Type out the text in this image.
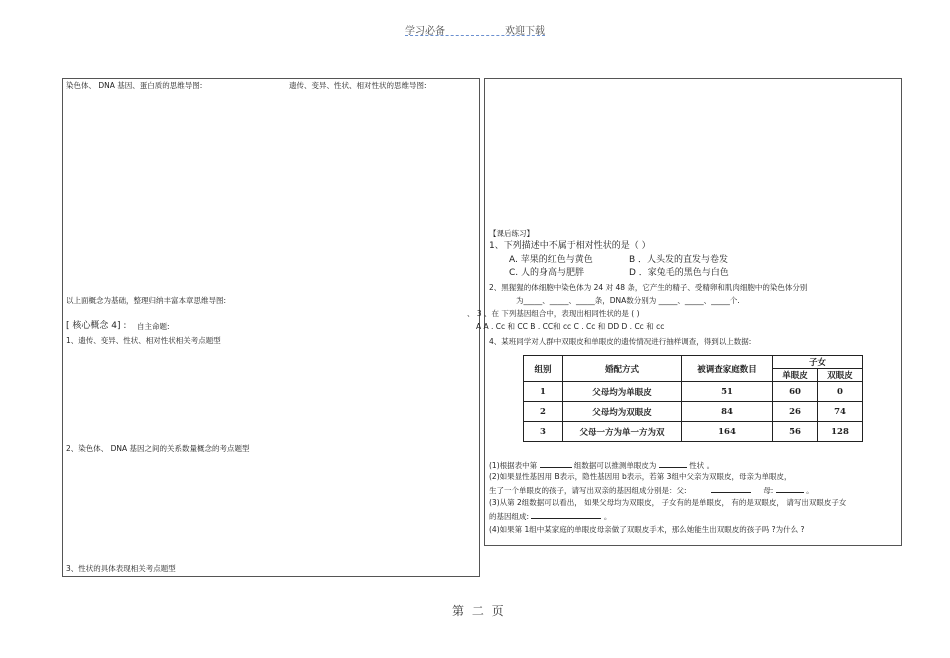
学习必备	欢迎下载
染色体、 DNA 基因、蛋白质的思维导图:	遗传、变异、性状、相对性状的思维导图:
以上面概念为基础，整理归纳丰富本章思维导图:
[ 核心概念 4] : 自主命题:
1、遗传、变异、性状、相对性状相关考点题型
2、染色体、 DNA 基因之间的关系数量概念的考点题型
3、性状的具体表现相关考点题型
【课后练习】
1、下列描述中不属于相对性状的是（ ）
A. 苹果的红色与黄色	B ．人头发的直发与卷发
C. 人的身高与肥胖	D ．家兔毛的黑色与白色
2、黑猩猩的体细胞中染色体为 24 对 48 条，它产生的精子、受精卵和肌肉细胞中的染色体分别
为_____、_____、_____条，DNA数分别为 _____、_____、_____个.
、 3 、在 下列基因组合中，表现出相同性状的是 ( )
A A . Cc 和 CC B . CC和 cc C . Cc 和 DD D . Cc 和 cc
4、某班同学对人群中双眼皮和单眼皮的遗传情况进行抽样调查，得到以上数据:
组别	婚配方式	被调查家庭数目	子女	
			单眼皮	双眼皮
1	父母均为单眼皮	51	60	0
2	父母均为双眼皮	84	26	74
3	父母一方为单一方为双	164	56	128
(1)根据表中第	组数据可以推测单眼皮为	性状 。
(2)如果显性基因用 B表示，隐性基因用 b表示，若第 3组中父亲为双眼皮，母亲为单眼皮，
生了一个单眼皮的孩子，请写出双亲的基因组成分别是：父:	母:	。
(3)从第 2组数据可以看出， 如果父母均为双眼皮， 子女有的是单眼皮， 有的是双眼皮， 请写出双眼皮子女
的基因组成:	。
(4)如果第 1组中某家庭的单眼皮母亲做了双眼皮手术，那么她能生出双眼皮的孩子吗 ?为什么 ?
第 二 页
